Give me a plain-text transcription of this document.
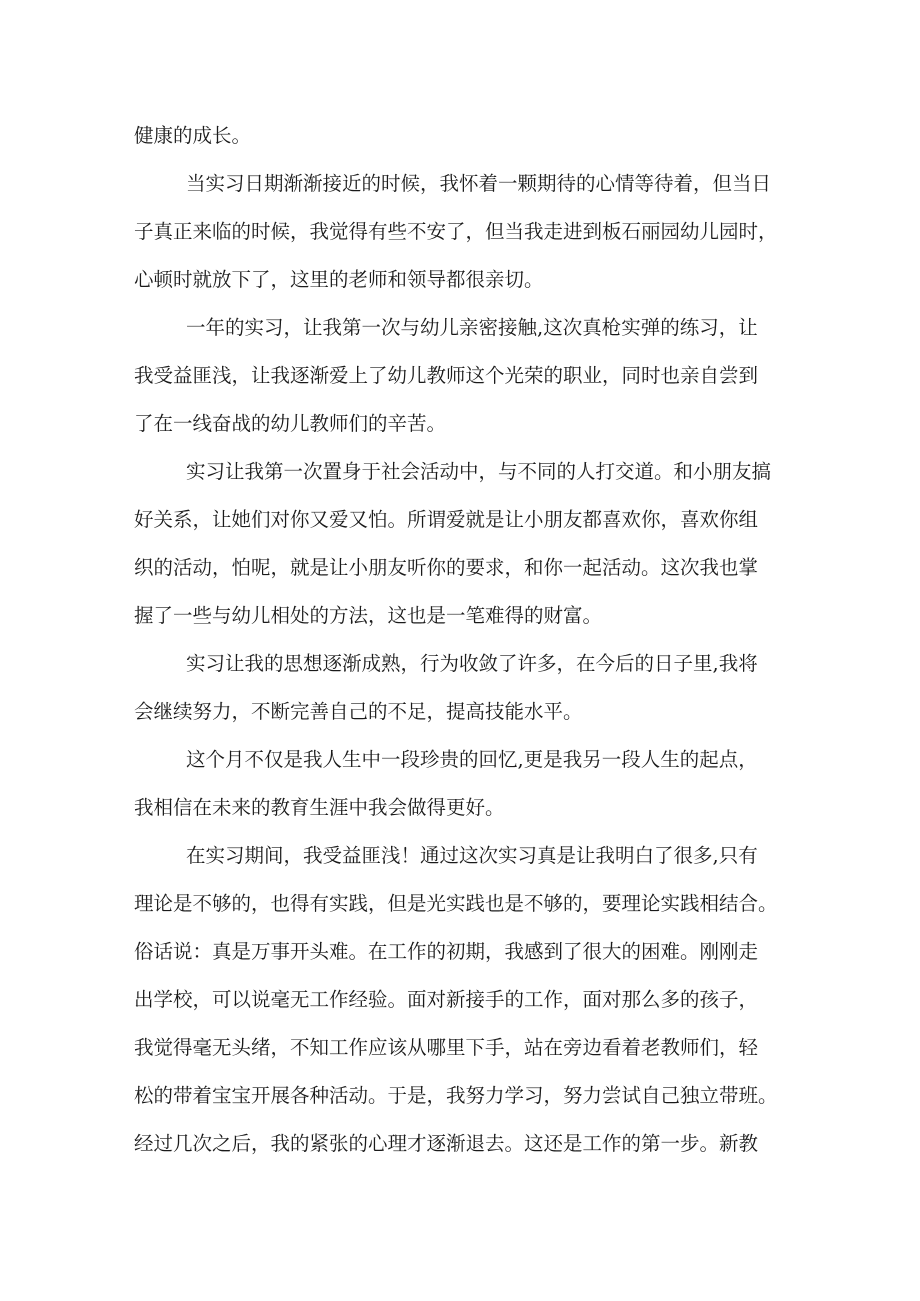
健康的成长。
当实习日期渐渐接近的时候，我怀着一颗期待的心情等待着，但当日
子真正来临的时候，我觉得有些不安了，但当我走进到板石丽园幼儿园时，
心顿时就放下了，这里的老师和领导都很亲切。
一年的实习，让我第一次与幼儿亲密接触,这次真枪实弹的练习，让
我受益匪浅，让我逐渐爱上了幼儿教师这个光荣的职业，同时也亲自尝到
了在一线奋战的幼儿教师们的辛苦。
实习让我第一次置身于社会活动中，与不同的人打交道。和小朋友搞
好关系，让她们对你又爱又怕。所谓爱就是让小朋友都喜欢你，喜欢你组
织的活动，怕呢，就是让小朋友听你的要求，和你一起活动。这次我也掌
握了一些与幼儿相处的方法，这也是一笔难得的财富。
实习让我的思想逐渐成熟，行为收敛了许多，在今后的日子里,我将
会继续努力，不断完善自己的不足，提高技能水平。
这个月不仅是我人生中一段珍贵的回忆,更是我另一段人生的起点，
我相信在未来的教育生涯中我会做得更好。
在实习期间，我受益匪浅！通过这次实习真是让我明白了很多,只有
理论是不够的，也得有实践，但是光实践也是不够的，要理论实践相结合。
俗话说：真是万事开头难。在工作的初期，我感到了很大的困难。刚刚走
出学校，可以说毫无工作经验。面对新接手的工作，面对那么多的孩子，
我觉得毫无头绪，不知工作应该从哪里下手，站在旁边看着老教师们，轻
松的带着宝宝开展各种活动。于是，我努力学习，努力尝试自己独立带班。
经过几次之后，我的紧张的心理才逐渐退去。这还是工作的第一步。新教
